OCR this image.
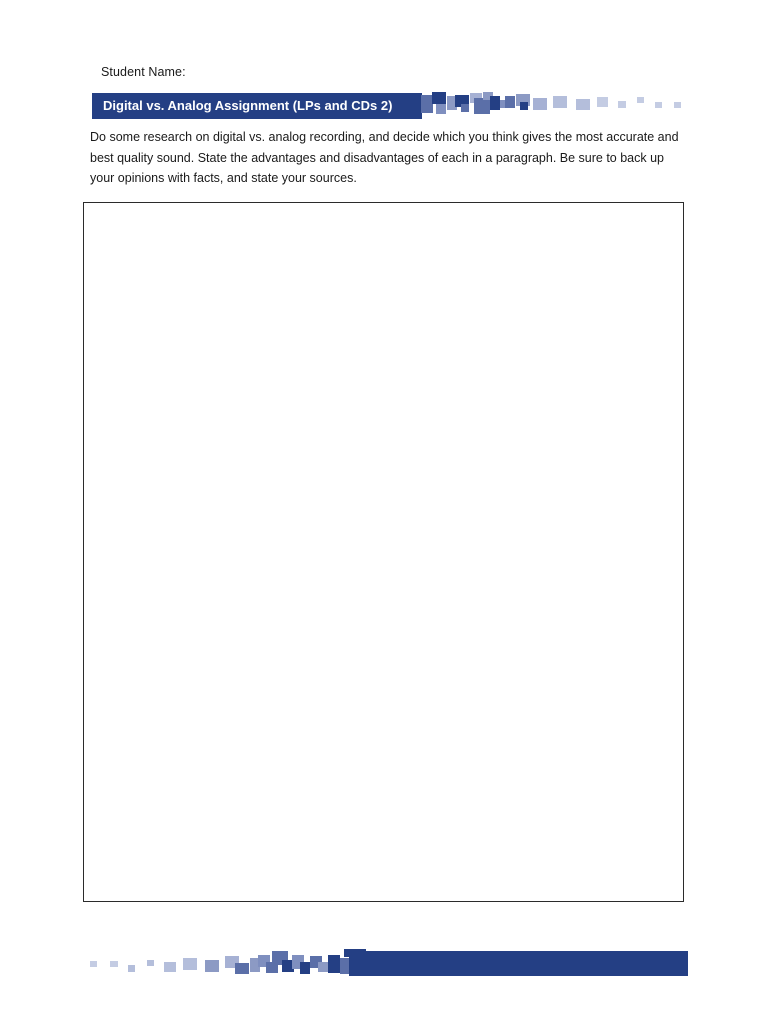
Student Name:
Digital vs. Analog Assignment (LPs and CDs 2)
Do some research on digital vs. analog recording, and decide which you think gives the most accurate and best quality sound. State the advantages and disadvantages of each in a paragraph. Be sure to back up your opinions with facts, and state your sources.
